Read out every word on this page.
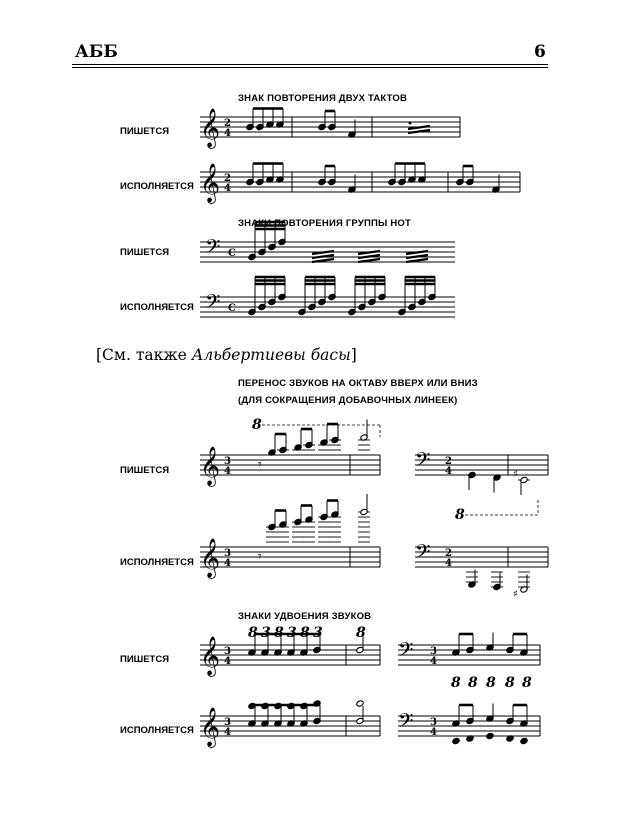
АББ	6
ЗНАК ПОВТОРЕНИЯ ДВУХ ТАКТОВ
ПИШЕТСЯ
ИСПОЛНЯЕТСЯ
ЗНАКИ ПОВТОРЕНИЯ ГРУППЫ НОТ
ПИШЕТСЯ
ИСПОЛНЯЕТСЯ
[См. также Альбертиевы басы]
ПЕРЕНОС ЗВУКОВ НА ОКТАВУ ВВЕРХ ИЛИ ВНИЗ
(ДЛЯ СОКРАЩЕНИЯ ДОБАВОЧНЫХ ЛИНЕЕК)
ПИШЕТСЯ
ИСПОЛНЯЕТСЯ
ЗНАКИ УДВОЕНИЯ ЗВУКОВ
ПИШЕТСЯ
ИСПОЛНЯЕТСЯ
𝄞 2
4
𝄞 2
4
𝄢 C
𝄢 C
8
𝄞 3
4 𝄾	𝄢 2
4	♯
8
𝄞 3
4 𝄾	𝄢 2
4
♯
𝄞 3
4
8 3 8 3 8 3 8
𝄢 3
4
8 8 8 8 8
𝄞 3
4	𝄢 3
4
